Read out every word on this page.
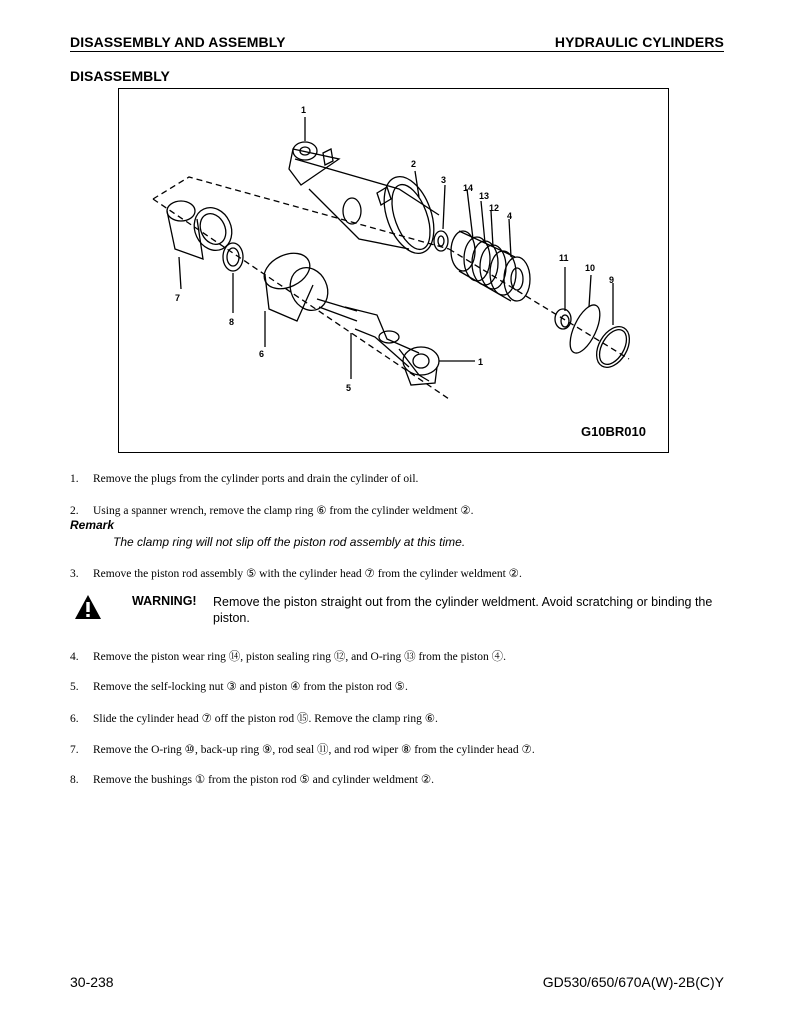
DISASSEMBLY AND ASSEMBLY	HYDRAULIC CYLINDERS
DISASSEMBLY
1
2
3
14
13
12
4
11
10
9
7
8
6
5
1
G10BR010
1. Remove the plugs from the cylinder ports and drain the cylinder of oil.
2. Using a spanner wrench, remove the clamp ring ⑥ from the cylinder weldment ②.
Remark
The clamp ring will not slip off the piston rod assembly at this time.
3. Remove the piston rod assembly ⑤ with the cylinder head ⑦ from the cylinder weldment ②.
WARNING! Remove the piston straight out from the cylinder weldment. Avoid scratching or binding the piston.
4. Remove the piston wear ring ⑭, piston sealing ring ⑫, and O-ring ⑬ from the piston ④.
5. Remove the self-locking nut ③ and piston ④ from the piston rod ⑤.
6. Slide the cylinder head ⑦ off the piston rod ⑮. Remove the clamp ring ⑥.
7. Remove the O-ring ⑩, back-up ring ⑨, rod seal ⑪, and rod wiper ⑧ from the cylinder head ⑦.
8. Remove the bushings ① from the piston rod ⑤ and cylinder weldment ②.
30-238	GD530/650/670A(W)-2B(C)Y
